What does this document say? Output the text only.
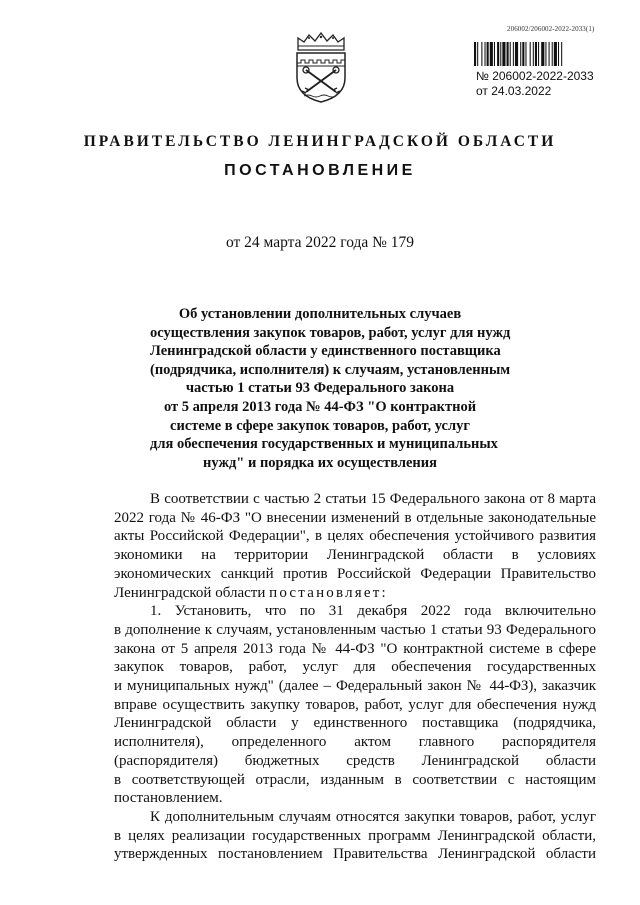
206002/206002-2022-2033(1)
№ 206002-2022-2033
от 24.03.2022
ПРАВИТЕЛЬСТВО ЛЕНИНГРАДСКОЙ ОБЛАСТИ
ПОСТАНОВЛЕНИЕ
от 24 марта 2022 года № 179
Об установлении дополнительных случаев
осуществления закупок товаров, работ, услуг для нужд
Ленинградской области у единственного поставщика
(подрядчика, исполнителя) к случаям, установленным
частью 1 статьи 93 Федерального закона
от 5 апреля 2013 года № 44-ФЗ "О контрактной
системе в сфере закупок товаров, работ, услуг
для обеспечения государственных и муниципальных
нужд" и порядка их осуществления
В соответствии с частью 2 статьи 15 Федерального закона от 8 марта
2022 года № 46-ФЗ "О внесении изменений в отдельные законодательные
акты Российской Федерации", в целях обеспечения устойчивого развития
экономики на территории Ленинградской области в условиях
экономических санкций против Российской Федерации Правительство
Ленинградской области постановляет:
1. Установить, что по 31 декабря 2022 года включительно
в дополнение к случаям, установленным частью 1 статьи 93 Федерального
закона от 5 апреля 2013 года № 44-ФЗ "О контрактной системе в сфере
закупок товаров, работ, услуг для обеспечения государственных
и муниципальных нужд" (далее – Федеральный закон № 44-ФЗ), заказчик
вправе осуществить закупку товаров, работ, услуг для обеспечения нужд
Ленинградской области у единственного поставщика (подрядчика,
исполнителя), определенного актом главного распорядителя
(распорядителя) бюджетных средств Ленинградской области
в соответствующей отрасли, изданным в соответствии с настоящим
постановлением.
К дополнительным случаям относятся закупки товаров, работ, услуг
в целях реализации государственных программ Ленинградской области,
утвержденных постановлением Правительства Ленинградской области
